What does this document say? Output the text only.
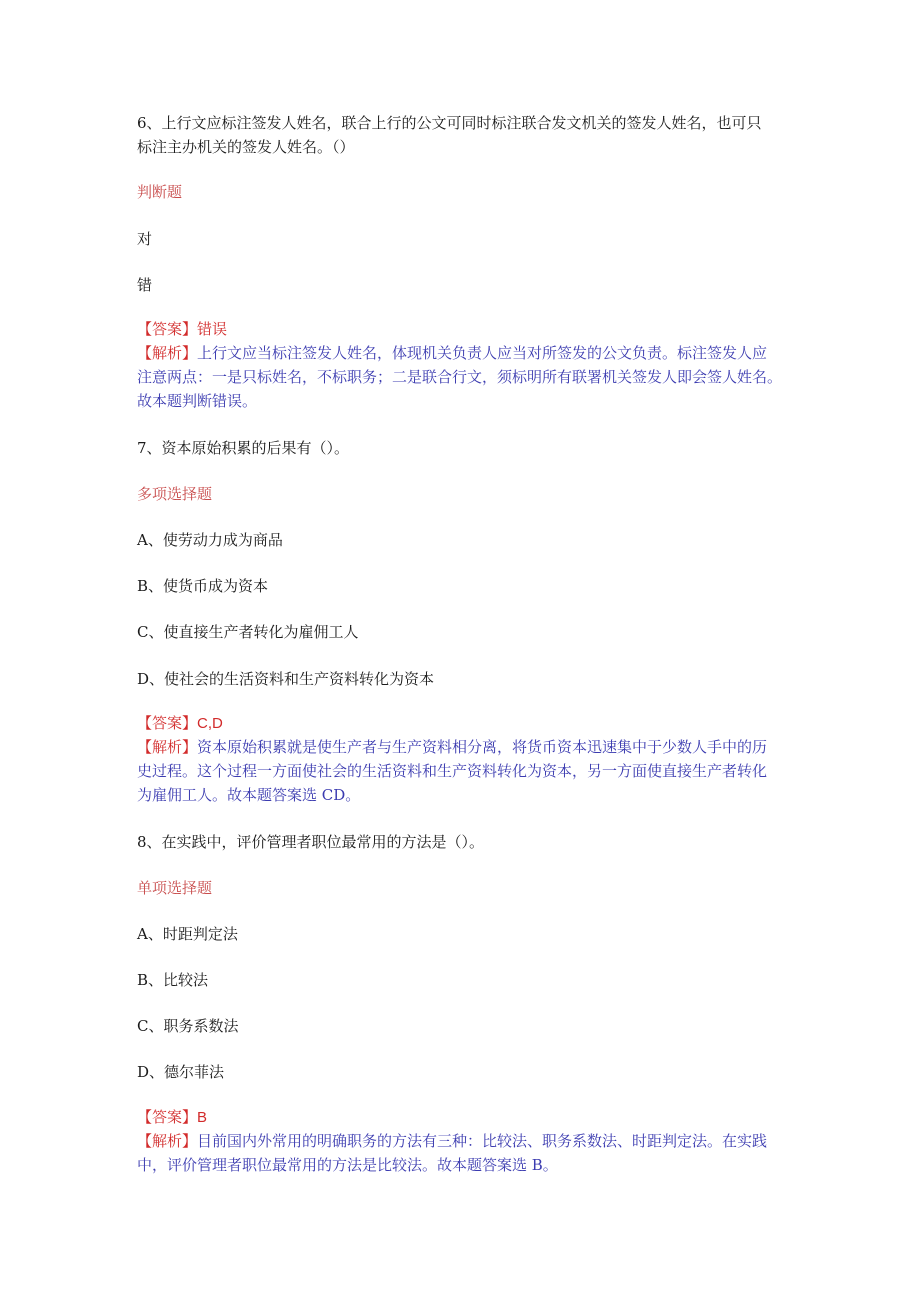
6、上行文应标注签发人姓名，联合上行的公文可同时标注联合发文机关的签发人姓名，也可只
标注主办机关的签发人姓名。（）
判断题
对
错
【答案】错误
【解析】上行文应当标注签发人姓名，体现机关负责人应当对所签发的公文负责。标注签发人应
注意两点：一是只标姓名，不标职务；二是联合行文，须标明所有联署机关签发人即会签人姓名。
故本题判断错误。
7、资本原始积累的后果有（）。
多项选择题
A、使劳动力成为商品
B、使货币成为资本
C、使直接生产者转化为雇佣工人
D、使社会的生活资料和生产资料转化为资本
【答案】C,D
【解析】资本原始积累就是使生产者与生产资料相分离，将货币资本迅速集中于少数人手中的历
史过程。这个过程一方面使社会的生活资料和生产资料转化为资本，另一方面使直接生产者转化
为雇佣工人。故本题答案选 CD。
8、在实践中，评价管理者职位最常用的方法是（）。
单项选择题
A、时距判定法
B、比较法
C、职务系数法
D、德尔菲法
【答案】B
【解析】目前国内外常用的明确职务的方法有三种：比较法、职务系数法、时距判定法。在实践
中，评价管理者职位最常用的方法是比较法。故本题答案选 B。
